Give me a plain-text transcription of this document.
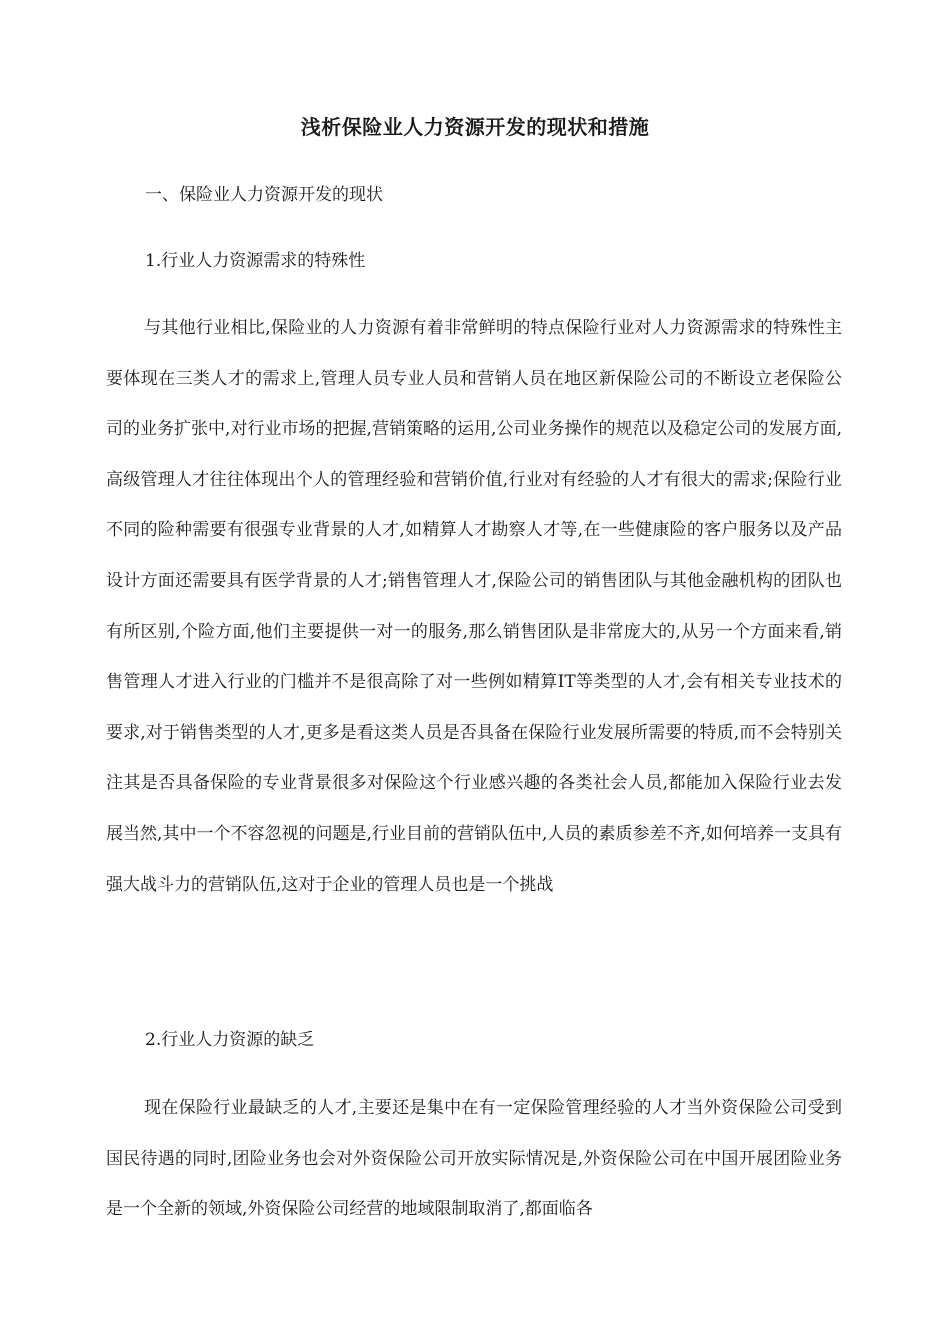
浅析保险业人力资源开发的现状和措施

一、保险业人力资源开发的现状

1.行业人力资源需求的特殊性

与其他行业相比,保险业的人力资源有着非常鲜明的特点保险行业对人力资源需求的特殊性主要体现在三类人才的需求上,管理人员专业人员和营销人员在地区新保险公司的不断设立老保险公司的业务扩张中,对行业市场的把握,营销策略的运用,公司业务操作的规范以及稳定公司的发展方面,高级管理人才往往体现出个人的管理经验和营销价值,行业对有经验的人才有很大的需求;保险行业不同的险种需要有很强专业背景的人才,如精算人才勘察人才等,在一些健康险的客户服务以及产品设计方面还需要具有医学背景的人才;销售管理人才,保险公司的销售团队与其他金融机构的团队也有所区别,个险方面,他们主要提供一对一的服务,那么销售团队是非常庞大的,从另一个方面来看,销售管理人才进入行业的门槛并不是很高除了对一些例如精算IT等类型的人才,会有相关专业技术的要求,对于销售类型的人才,更多是看这类人员是否具备在保险行业发展所需要的特质,而不会特别关注其是否具备保险的专业背景很多对保险这个行业感兴趣的各类社会人员,都能加入保险行业去发展当然,其中一个不容忽视的问题是,行业目前的营销队伍中,人员的素质参差不齐,如何培养一支具有强大战斗力的营销队伍,这对于企业的管理人员也是一个挑战

2.行业人力资源的缺乏

现在保险行业最缺乏的人才,主要还是集中在有一定保险管理经验的人才当外资保险公司受到国民待遇的同时,团险业务也会对外资保险公司开放实际情况是,外资保险公司在中国开展团险业务是一个全新的领域,外资保险公司经营的地域限制取消了,都面临各
